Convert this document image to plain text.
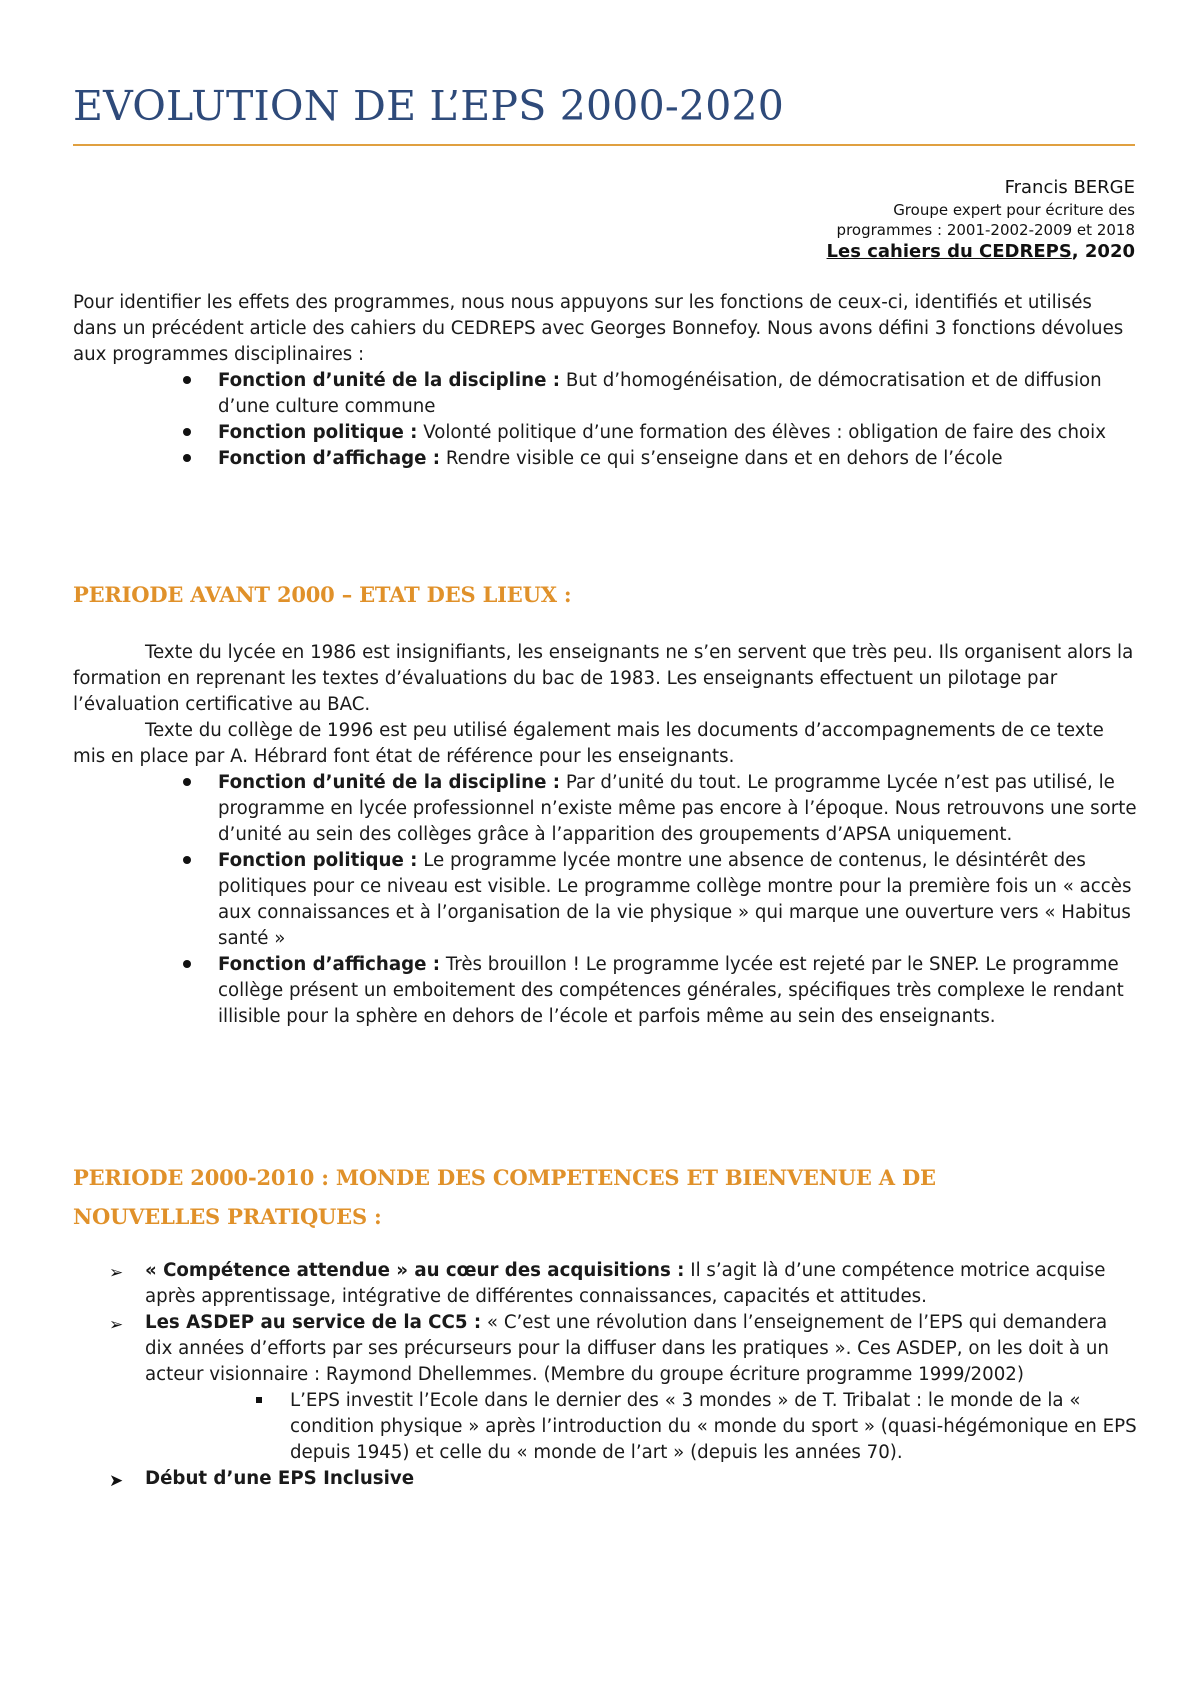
EVOLUTION DE L’EPS 2000-2020
Francis BERGE
Groupe expert pour écriture des
programmes : 2001-2002-2009 et 2018
Les cahiers du CEDREPS, 2020

Pour identifier les effets des programmes, nous nous appuyons sur les fonctions de ceux-ci, identifiés et utilisés dans un précédent article des cahiers du CEDREPS avec Georges Bonnefoy. Nous avons défini 3 fonctions dévolues aux programmes disciplinaires :

Fonction d’unité de la discipline : But d’homogénéisation, de démocratisation et de diffusion d’une culture commune
Fonction politique : Volonté politique d’une formation des élèves : obligation de faire des choix
Fonction d’affichage : Rendre visible ce qui s’enseigne dans et en dehors de l’école
PERIODE AVANT 2000 – ETAT DES LIEUX :

Texte du lycée en 1986 est insignifiants, les enseignants ne s’en servent que très peu. Ils organisent alors la formation en reprenant les textes d’évaluations du bac de 1983. Les enseignants effectuent un pilotage par l’évaluation certificative au BAC.

Texte du collège de 1996 est peu utilisé également mais les documents d’accompagnements de ce texte mis en place par A. Hébrard font état de référence pour les enseignants.

Fonction d’unité de la discipline : Par d’unité du tout. Le programme Lycée n’est pas utilisé, le programme en lycée professionnel n’existe même pas encore à l’époque. Nous retrouvons une sorte d’unité au sein des collèges grâce à l’apparition des groupements d’APSA uniquement.
Fonction politique : Le programme lycée montre une absence de contenus, le désintérêt des politiques pour ce niveau est visible. Le programme collège montre pour la première fois un « accès aux connaissances et à l’organisation de la vie physique » qui marque une ouverture vers « Habitus santé »
Fonction d’affichage : Très brouillon ! Le programme lycée est rejeté par le SNEP. Le programme collège présent un emboitement des compétences générales, spécifiques très complexe le rendant illisible pour la sphère en dehors de l’école et parfois même au sein des enseignants.
PERIODE 2000-2010 : MONDE DES COMPETENCES ET BIENVENUE A DE
NOUVELLES PRATIQUES :
➢ « Compétence attendue » au cœur des acquisitions : Il s’agit là d’une compétence motrice acquise après apprentissage, intégrative de différentes connaissances, capacités et attitudes.
➢ Les ASDEP au service de la CC5 : « C’est une révolution dans l’enseignement de l’EPS qui demandera dix années d’efforts par ses précurseurs pour la diffuser dans les pratiques ». Ces ASDEP, on les doit à un acteur visionnaire : Raymond Dhellemmes. (Membre du groupe écriture programme 1999/2002)
L’EPS investit l’Ecole dans le dernier des « 3 mondes » de T. Tribalat : le monde de la « condition physique » après l’introduction du « monde du sport » (quasi-hégémonique en EPS depuis 1945) et celle du « monde de l’art » (depuis les années 70).
➤ Début d’une EPS Inclusive
